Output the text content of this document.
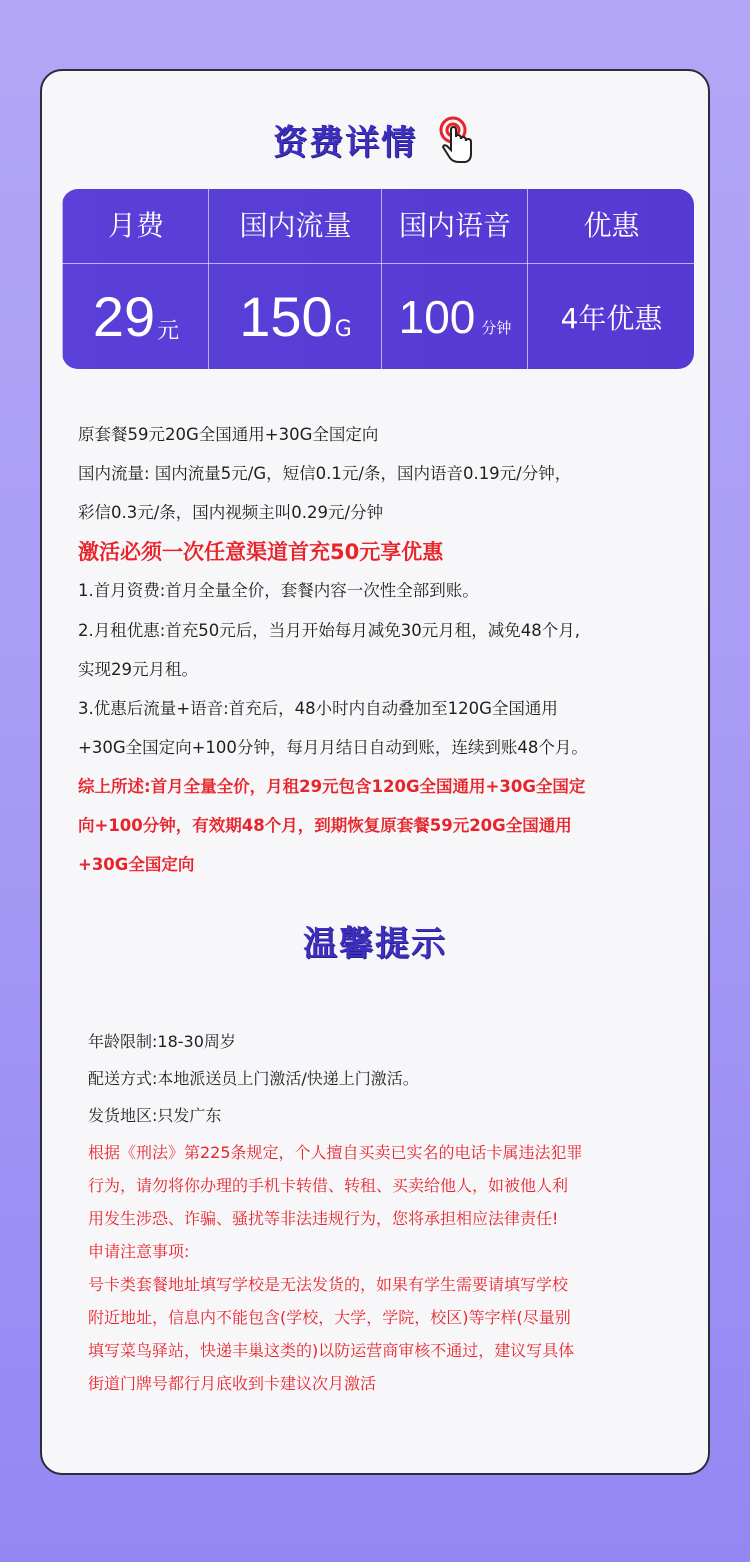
资费详情
月费
29 元
国内流量
150 G
国内语音
100 分钟
优惠
4年优惠
原套餐59元20G全国通用+30G全国定向
国内流量: 国内流量5元/G，短信0.1元/条，国内语音0.19元/分钟，
彩信0.3元/条，国内视频主叫0.29元/分钟
激活必须一次任意渠道首充50元享优惠
1.首月资费:首月全量全价，套餐内容一次性全部到账。
2.月租优惠:首充50元后，当月开始每月减免30元月租，减免48个月,
实现29元月租。
3.优惠后流量+语音:首充后，48小时内自动叠加至120G全国通用
+30G全国定向+100分钟，每月月结日自动到账，连续到账48个月。
综上所述:首月全量全价，月租29元包含120G全国通用+30G全国定
向+100分钟，有效期48个月，到期恢复原套餐59元20G全国通用
+30G全国定向
温馨提示
年龄限制:18-30周岁
配送方式:本地派送员上门激活/快递上门激活。
发货地区:只发广东
根据《刑法》第225条规定，个人擅自买卖已实名的电话卡属违法犯罪
行为，请勿将你办理的手机卡转借、转租、买卖给他人，如被他人利
用发生涉恐、诈骗、骚扰等非法违规行为，您将承担相应法律责任!
申请注意事项:
号卡类套餐地址填写学校是无法发货的，如果有学生需要请填写学校
附近地址，信息内不能包含(学校，大学，学院，校区)等字样(尽量别
填写菜鸟驿站，快递丰巢这类的)以防运营商审核不通过，建议写具体
街道门牌号都行月底收到卡建议次月激活
